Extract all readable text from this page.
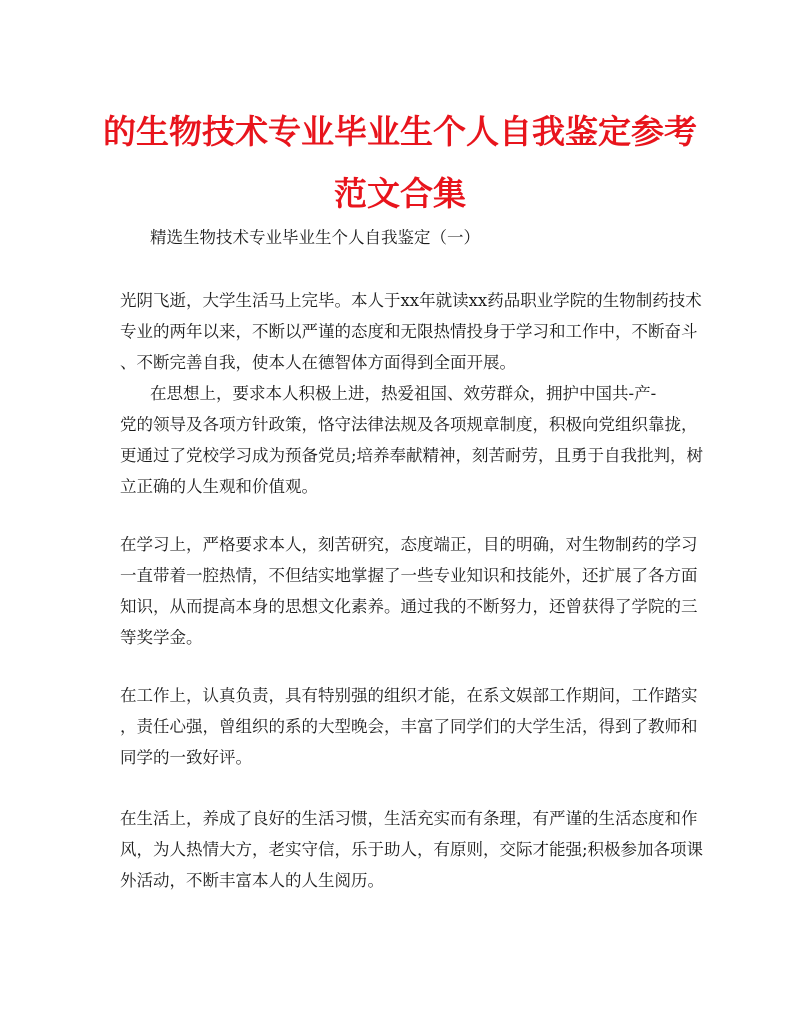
的生物技术专业毕业生个人自我鉴定参考
范文合集
精选生物技术专业毕业生个人自我鉴定（一）
光阴飞逝，大学生活马上完毕。本人于xx年就读xx药品职业学院的生物制药技术
专业的两年以来，不断以严谨的态度和无限热情投身于学习和工作中，不断奋斗
、不断完善自我，使本人在德智体方面得到全面开展。
在思想上，要求本人积极上进，热爱祖国、效劳群众，拥护中国共-产-
党的领导及各项方针政策，恪守法律法规及各项规章制度，积极向党组织靠拢，
更通过了党校学习成为预备党员;培养奉献精神，刻苦耐劳，且勇于自我批判，树
立正确的人生观和价值观。
在学习上，严格要求本人，刻苦研究，态度端正，目的明确，对生物制药的学习
一直带着一腔热情，不但结实地掌握了一些专业知识和技能外，还扩展了各方面
知识，从而提高本身的思想文化素养。通过我的不断努力，还曾获得了学院的三
等奖学金。
在工作上，认真负责，具有特别强的组织才能，在系文娱部工作期间，工作踏实
，责任心强，曾组织的系的大型晚会，丰富了同学们的大学生活，得到了教师和
同学的一致好评。
在生活上，养成了良好的生活习惯，生活充实而有条理，有严谨的生活态度和作
风，为人热情大方，老实守信，乐于助人，有原则，交际才能强;积极参加各项课
外活动，不断丰富本人的人生阅历。
